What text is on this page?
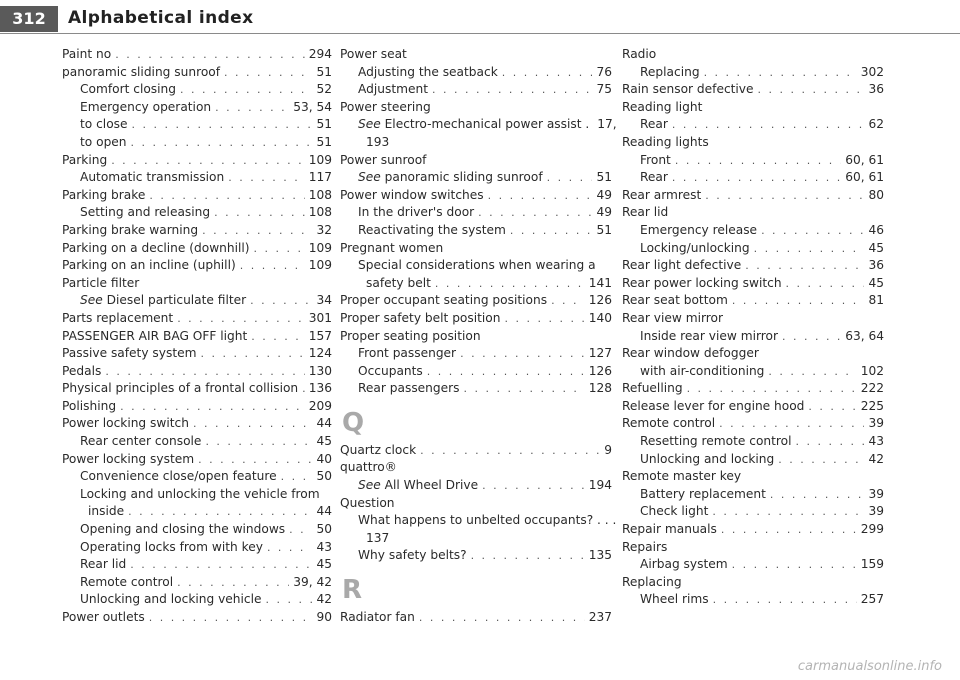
312	Alphabetical index
Paint no . . .	294
panoramic sliding sunroof . . .	51
Comfort closing . . .	52
Emergency operation . . .	53, 54
to close . . .	51
to open . . .	51
Parking . . .	109
Automatic transmission . . .	117
Parking brake . . .	108
Setting and releasing . . .	108
Parking brake warning . . .	32
Parking on a decline (downhill) . . .	109
Parking on an incline (uphill) . . .	109
Particle filter
See Diesel particulate filter . . .	34
Parts replacement . . .	301
PASSENGER AIR BAG OFF light . . .	157
Passive safety system . . .	124
Pedals . . .	130
Physical principles of a frontal collision . . . 136
Polishing . . .	209
Power locking switch . . .	44
Rear center console . . .	45
Power locking system . . .	40
Convenience close/open feature . . .	50
Locking and unlocking the vehicle from
inside . . .	44
Opening and closing the windows . . .	50
Operating locks from with key . . .	43
Rear lid . . .	45
Remote control . . .	39, 42
Unlocking and locking vehicle . . .	42
Power outlets . . .	90
Power seat
Adjusting the seatback . . .	76
Adjustment . . .	75
Power steering
See Electro-mechanical power assist . 17,
193
Power sunroof
See panoramic sliding sunroof . . .	51
Power window switches . . .	49
In the driver's door . . .	49
Reactivating the system . . .	51
Pregnant women
Special considerations when wearing a
safety belt . . .	141
Proper occupant seating positions . . .	126
Proper safety belt position . . .	140
Proper seating position
Front passenger . . .	127
Occupants . . .	126
Rear passengers . . .	128
Q
Quartz clock . . .	9
quattro®
See All Wheel Drive . . .	194
Question
What happens to unbelted occupants? . . .
137
Why safety belts? . . .	135
R
Radiator fan . . .	237
Radio
Replacing . . .	302
Rain sensor defective . . .	36
Reading light
Rear . . .	62
Reading lights
Front . . .	60, 61
Rear . . .	60, 61
Rear armrest . . .	80
Rear lid
Emergency release . . .	46
Locking/unlocking . . .	45
Rear light defective . . .	36
Rear power locking switch . . .	45
Rear seat bottom . . .	81
Rear view mirror
Inside rear view mirror . . .	63, 64
Rear window defogger
with air-conditioning . . .	102
Refuelling . . .	222
Release lever for engine hood . . .	225
Remote control . . .	39
Resetting remote control . . .	43
Unlocking and locking . . .	42
Remote master key
Battery replacement . . .	39
Check light . . .	39
Repair manuals . . .	299
Repairs
Airbag system . . .	159
Replacing
Wheel rims . . .	257
carmanualsonline.info
